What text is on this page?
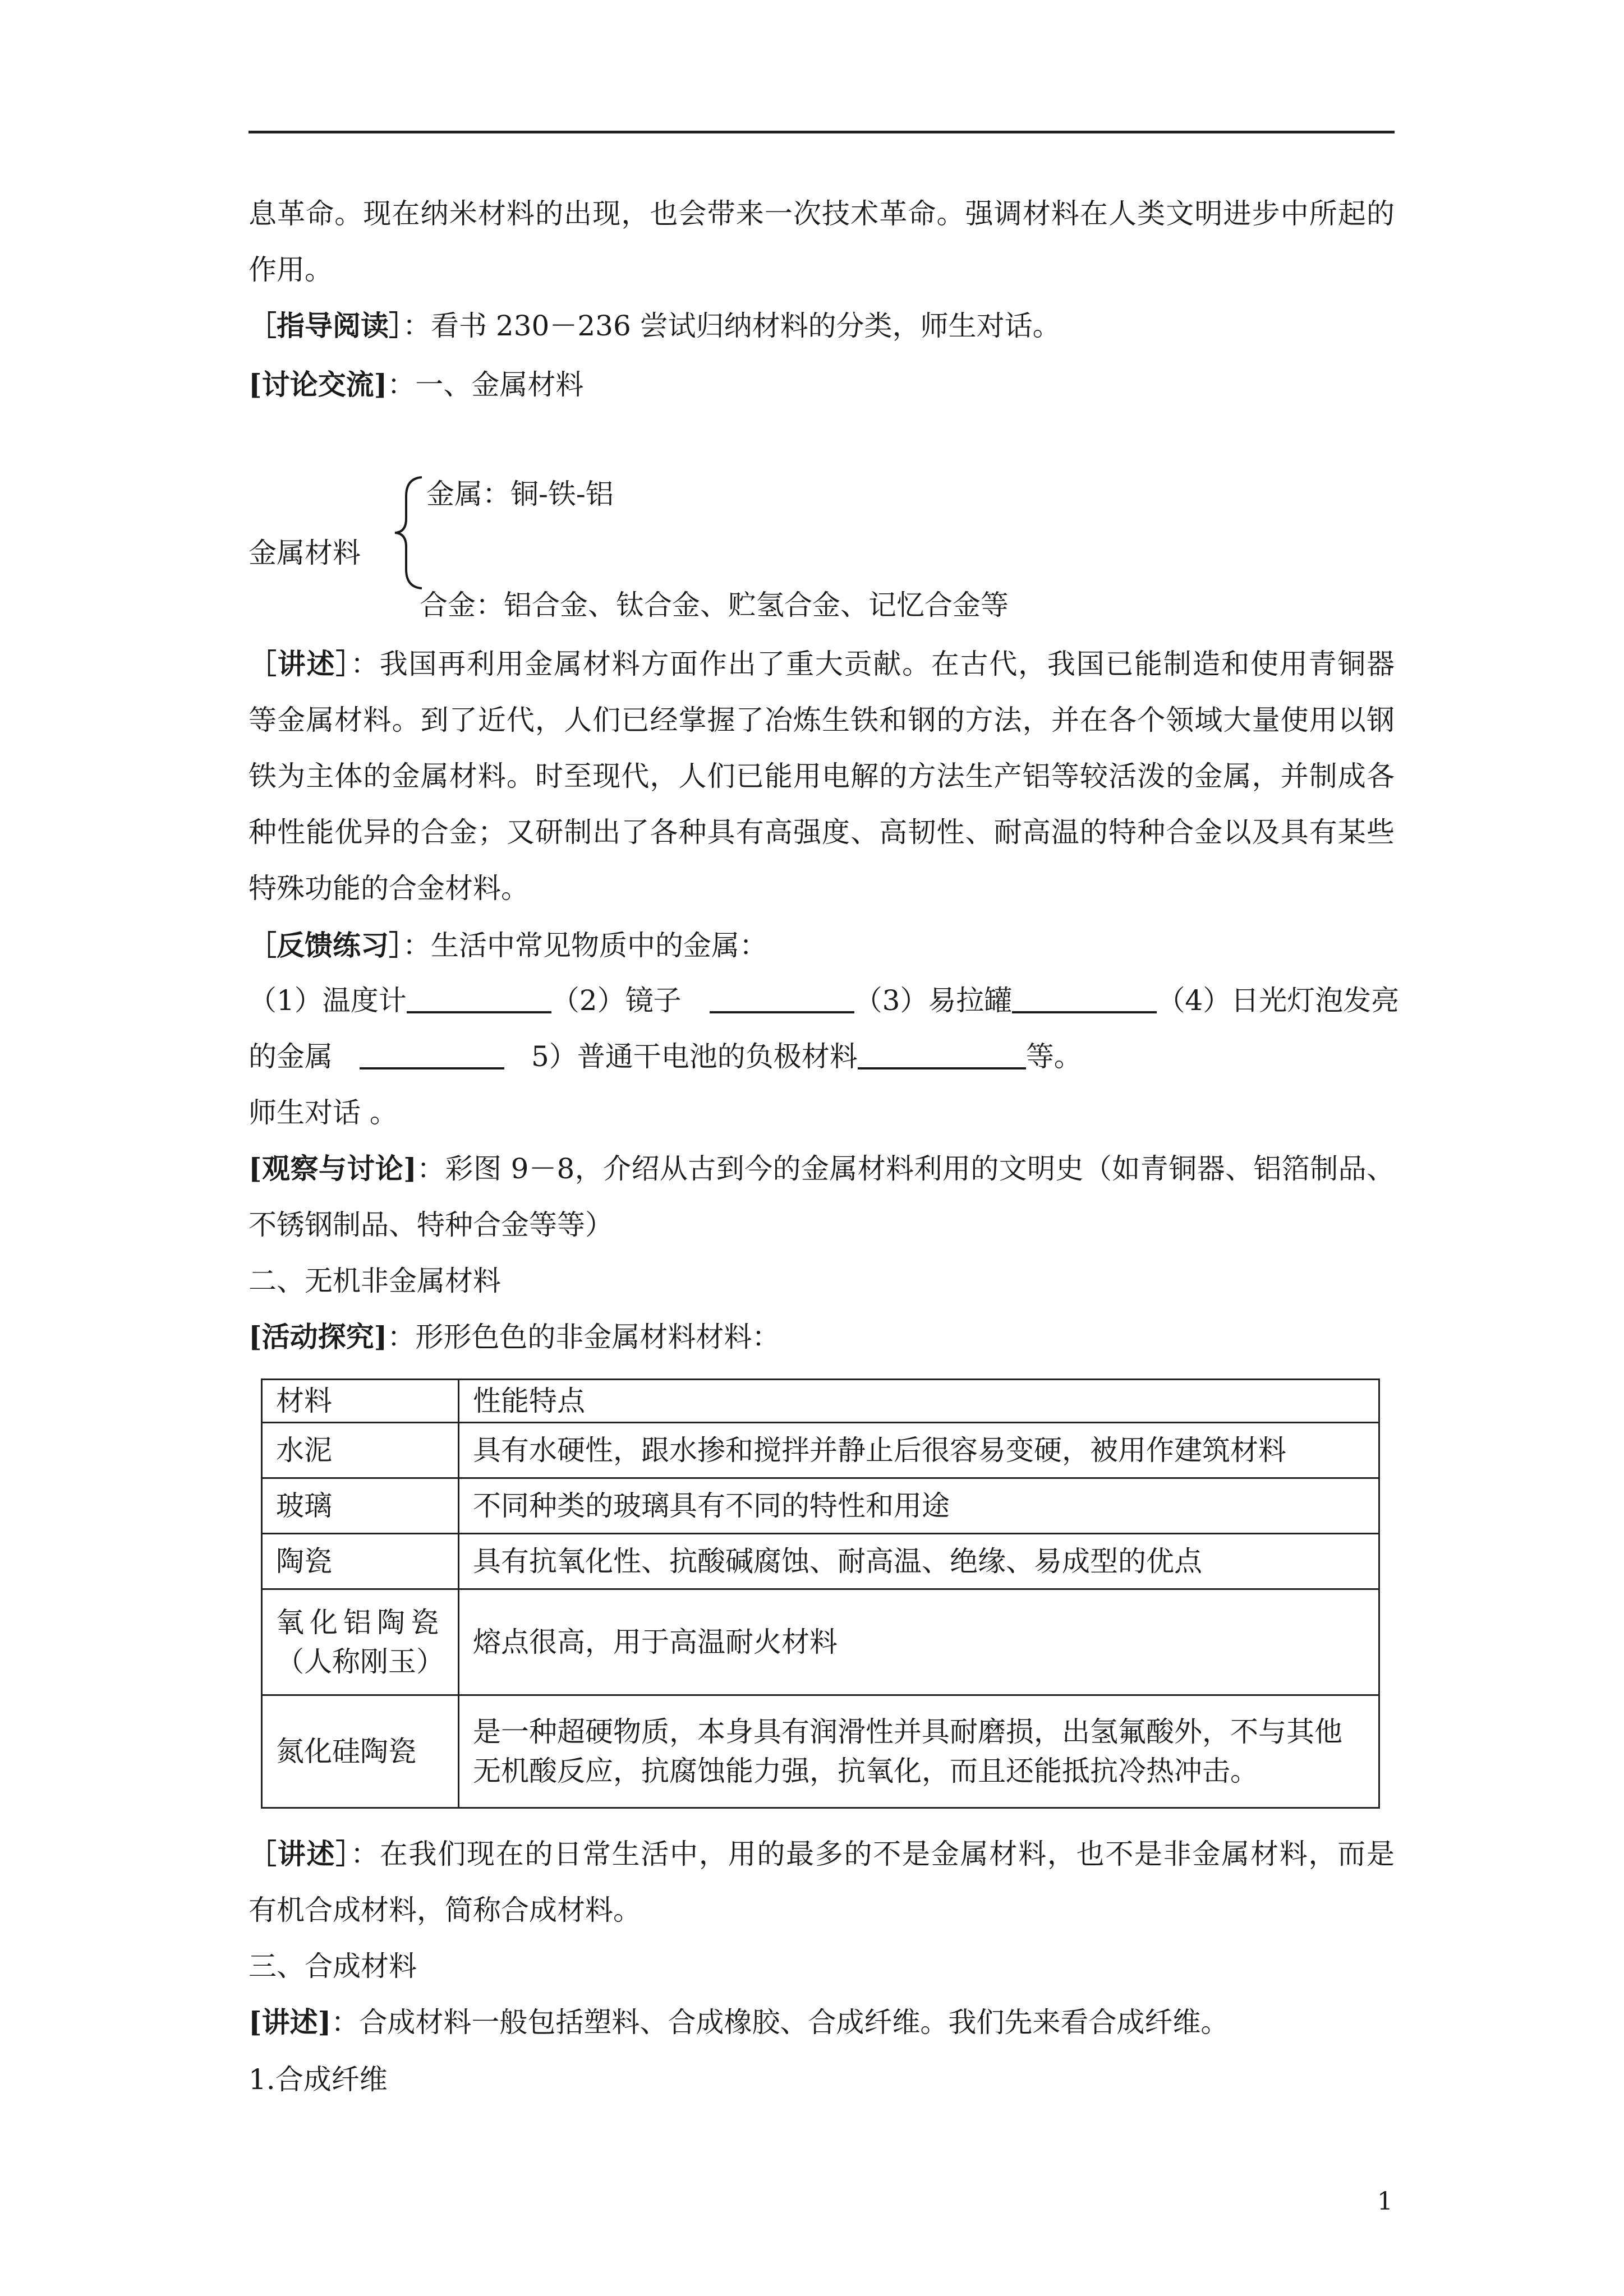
息革命。现在纳米材料的出现，也会带来一次技术革命。强调材料在人类文明进步中所起的
作用。
［指导阅读］：看书 230－236 尝试归纳材料的分类，师生对话。
[讨论交流]：一、金属材料
金属：铜-铁-铝
金属材料
合金：铝合金、钛合金、贮氢合金、记忆合金等
［讲述］：我国再利用金属材料方面作出了重大贡献。在古代，我国已能制造和使用青铜器
等金属材料。到了近代，人们已经掌握了冶炼生铁和钢的方法，并在各个领域大量使用以钢
铁为主体的金属材料。时至现代，人们已能用电解的方法生产铝等较活泼的金属，并制成各
种性能优异的合金；又研制出了各种具有高强度、高韧性、耐高温的特种合金以及具有某些
特殊功能的合金材料。
［反馈练习］：生活中常见物质中的金属：
（1）温度计	（2）镜子	（3）易拉罐	（4）日光灯泡发亮
的金属	5）普通干电池的负极材料	等。
师生对话 。
[观察与讨论]：彩图 9－8，介绍从古到今的金属材料利用的文明史（如青铜器、铝箔制品、
不锈钢制品、特种合金等等）
二、无机非金属材料
[活动探究]：形形色色的非金属材料材料：
材料	性能特点
水泥	具有水硬性，跟水掺和搅拌并静止后很容易变硬，被用作建筑材料
玻璃	不同种类的玻璃具有不同的特性和用途
陶瓷	具有抗氧化性、抗酸碱腐蚀、耐高温、绝缘、易成型的优点

氧化铝陶瓷
（人称刚玉）	熔点很高，用于高温耐火材料
氮化硅陶瓷	是一种超硬物质，本身具有润滑性并具耐磨损，出氢氟酸外，不与其他
无机酸反应，抗腐蚀能力强，抗氧化，而且还能抵抗冷热冲击。
［讲述］：在我们现在的日常生活中，用的最多的不是金属材料，也不是非金属材料，而是
有机合成材料，简称合成材料。
三、合成材料
[讲述]：合成材料一般包括塑料、合成橡胶、合成纤维。我们先来看合成纤维。
1.合成纤维
1
